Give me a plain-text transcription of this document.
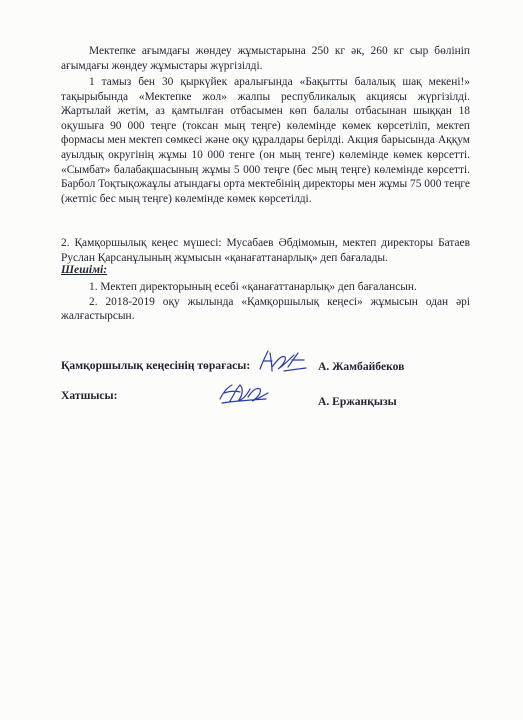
Мектепке ағымдағы жөндеу жұмыстарына 250 кг әк, 260 кг сыр бөлініп ағымдағы жөндеу жұмыстары жүргізілді.

1 тамыз бен 30 қыркүйек аралығында «Бақытты балалық шақ мекені!» тақырыбында «Мектепке жол» жалпы республикалық акциясы жүргізілді. Жартылай жетім, аз қамтылған отбасымен көп балалы отбасынан шыққан 18 оқушыға 90 000 теңге (токсан мың теңге) көлемінде көмек көрсетіліп, мектеп формасы мен мектеп сөмкесі және оқу құралдары берілді. Акция барысында Аққум ауылдық округінің жұмы 10 000 тенге (он мың тенге) көлемінде көмек көрсетті. «Сымбат» балабақшасының жұмы 5 000 теңге (бес мың теңге) көлемінде көрсетті. Барбол Тоқтықожаұлы атындағы орта мектебінің директоры мен жұмы 75 000 теңге (жетпіс бес мың теңге) көлемінде көмек көрсетілді.

2. Қамқоршылық кеңес мүшесі: Мусабаев Әбдімомын, мектеп директоры Батаев Руслан Қарсанұлының жұмысын «қанағаттанарлық» деп бағалады.

Шешімі:

1. Мектеп директорының есебі «қанағаттанарлық» деп бағалансын.

2. 2018-2019 оқу жылында «Қамқоршылық кеңесі» жұмысын одан әрі жалғастырсын.

Қамқоршылық кеңесінің төрағасы:	А. Жамбайбеков
Хатшысы:	А. Ержанқызы
